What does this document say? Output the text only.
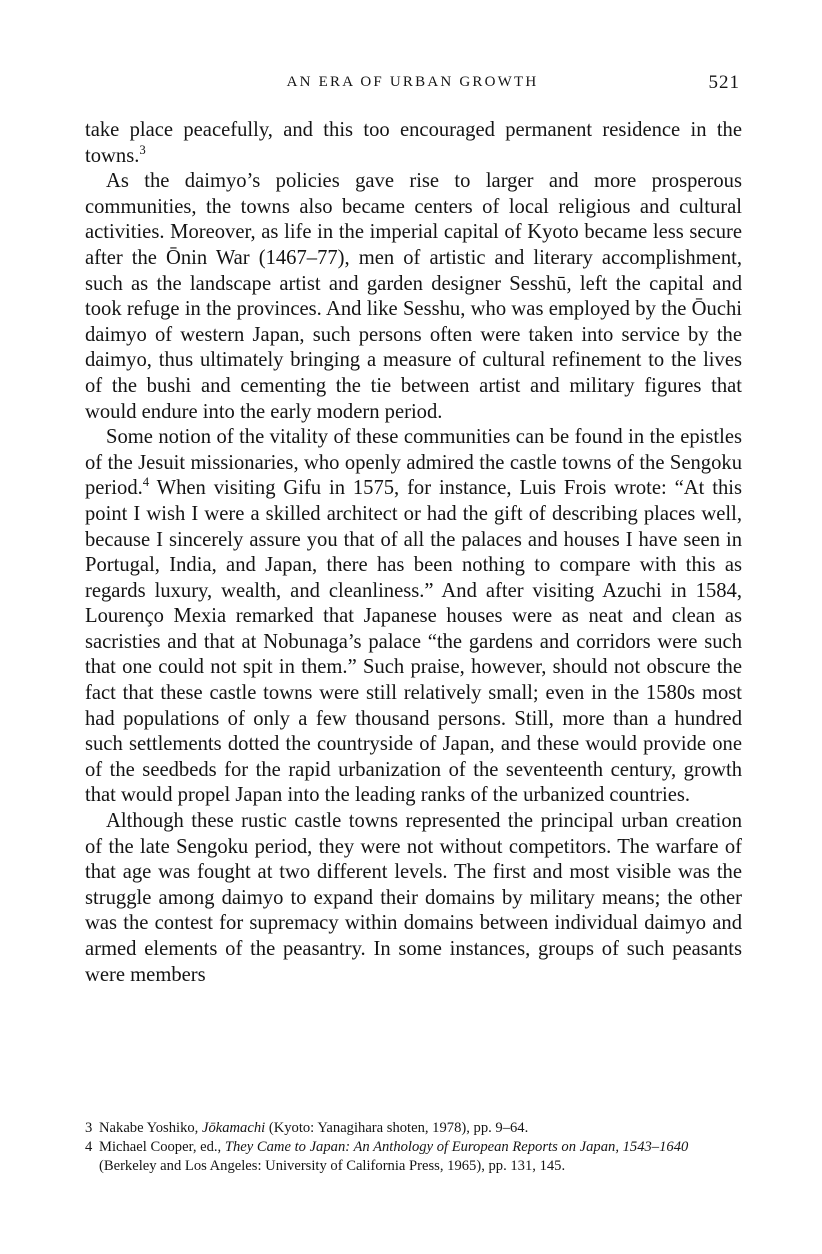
AN ERA OF URBAN GROWTH	521

take place peacefully, and this too encouraged permanent residence in the towns.$^3$

As the daimyo’s policies gave rise to larger and more prosperous communities, the towns also became centers of local religious and cultural activities. Moreover, as life in the imperial capital of Kyoto became less secure after the Ōnin War (1467–77), men of artistic and literary accomplishment, such as the landscape artist and garden designer Sesshū, left the capital and took refuge in the provinces. And like Sesshu, who was employed by the Ōuchi daimyo of western Japan, such persons often were taken into service by the daimyo, thus ultimately bringing a measure of cultural refinement to the lives of the bushi and cementing the tie between artist and military figures that would endure into the early modern period.

Some notion of the vitality of these communities can be found in the epistles of the Jesuit missionaries, who openly admired the castle towns of the Sengoku period.$^4$ When visiting Gifu in 1575, for instance, Luis Frois wrote: “At this point I wish I were a skilled architect or had the gift of describing places well, because I sincerely assure you that of all the palaces and houses I have seen in Portugal, India, and Japan, there has been nothing to compare with this as regards luxury, wealth, and cleanliness.” And after visiting Azuchi in 1584, Lourenço Mexia remarked that Japanese houses were as neat and clean as sacristies and that at Nobunaga’s palace “the gardens and corridors were such that one could not spit in them.” Such praise, however, should not obscure the fact that these castle towns were still relatively small; even in the 1580s most had populations of only a few thousand persons. Still, more than a hundred such settlements dotted the countryside of Japan, and these would provide one of the seedbeds for the rapid urbanization of the seventeenth century, growth that would propel Japan into the leading ranks of the urbanized countries.

Although these rustic castle towns represented the principal urban creation of the late Sengoku period, they were not without competitors. The warfare of that age was fought at two different levels. The first and most visible was the struggle among daimyo to expand their domains by military means; the other was the contest for supremacy within domains between individual daimyo and armed elements of the peasantry. In some instances, groups of such peasants were members

3 Nakabe Yoshiko, Jōkamachi (Kyoto: Yanagihara shoten, 1978), pp. 9–64.
4 Michael Cooper, ed., They Came to Japan: An Anthology of European Reports on Japan, 1543–1640 (Berkeley and Los Angeles: University of California Press, 1965), pp. 131, 145.
